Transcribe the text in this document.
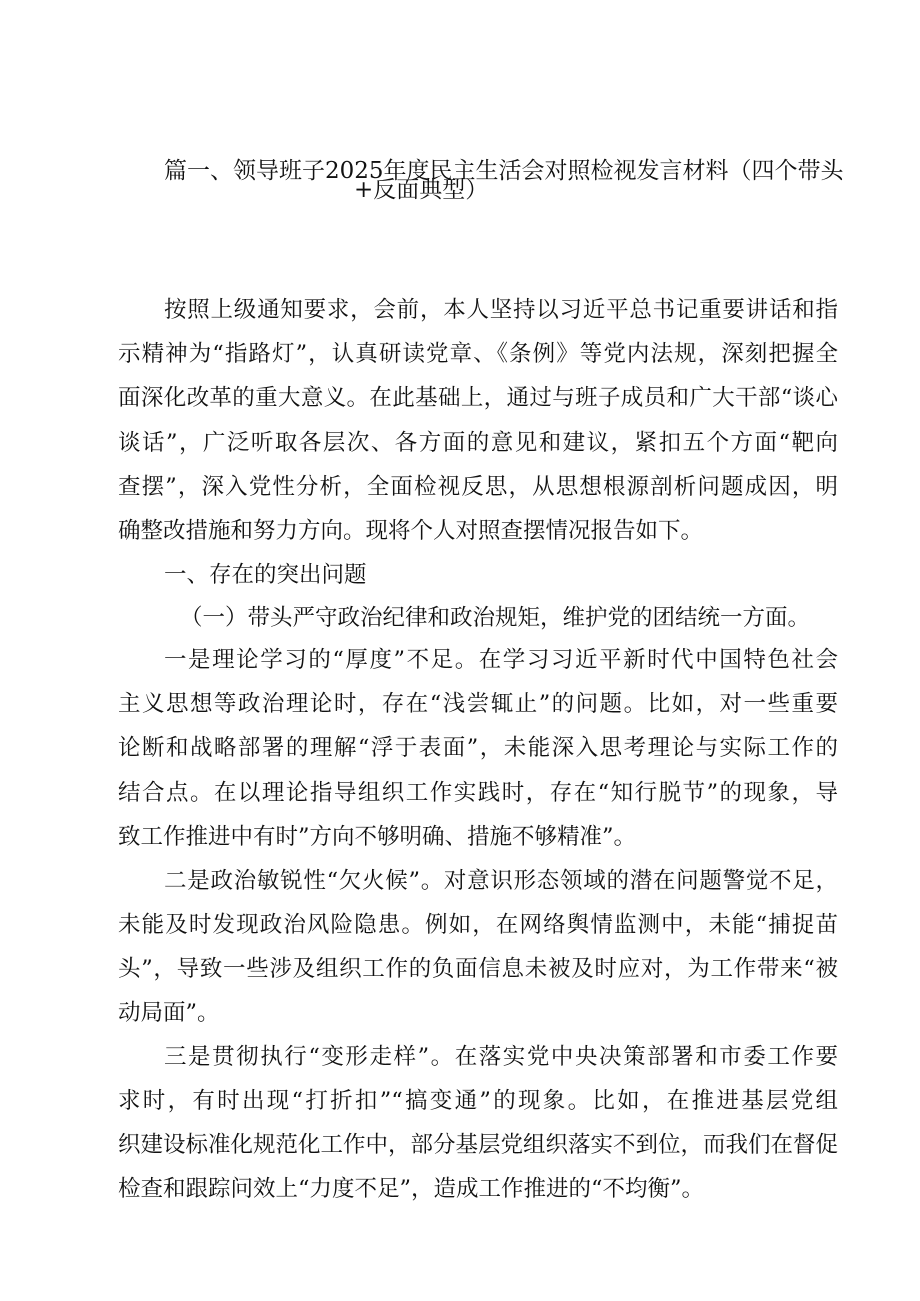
篇一、领导班子2025年度民主生活会对照检视发言材料（四个带头
+反面典型）
按照上级通知要求，会前，本人坚持以习近平总书记重要讲话和指
示精神为“指路灯”，认真研读党章、《条例》等党内法规，深刻把握全
面深化改革的重大意义。在此基础上，通过与班子成员和广大干部“谈心
谈话”，广泛听取各层次、各方面的意见和建议，紧扣五个方面“靶向
查摆”，深入党性分析，全面检视反思，从思想根源剖析问题成因，明
确整改措施和努力方向。现将个人对照查摆情况报告如下。
一、存在的突出问题
（一）带头严守政治纪律和政治规矩，维护党的团结统一方面。
一是理论学习的“厚度”不足。在学习习近平新时代中国特色社会
主义思想等政治理论时，存在“浅尝辄止”的问题。比如，对一些重要
论断和战略部署的理解“浮于表面”，未能深入思考理论与实际工作的
结合点。在以理论指导组织工作实践时，存在“知行脱节”的现象，导
致工作推进中有时”方向不够明确、措施不够精准”。
二是政治敏锐性“欠火候”。对意识形态领域的潜在问题警觉不足，
未能及时发现政治风险隐患。例如，在网络舆情监测中，未能“捕捉苗
头”，导致一些涉及组织工作的负面信息未被及时应对，为工作带来“被
动局面”。
三是贯彻执行“变形走样”。在落实党中央决策部署和市委工作要
求时，有时出现“打折扣”“搞变通”的现象。比如，在推进基层党组
织建设标准化规范化工作中，部分基层党组织落实不到位，而我们在督促
检查和跟踪问效上“力度不足”，造成工作推进的“不均衡”。
